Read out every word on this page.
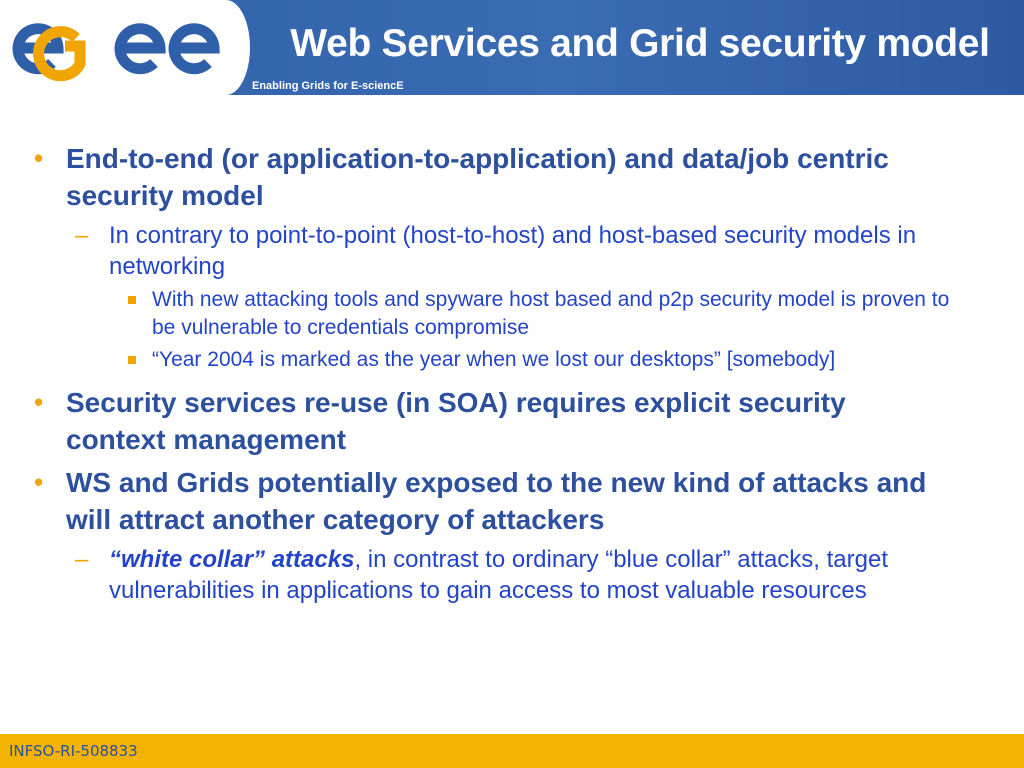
egee
Web Services and Grid security model
Enabling Grids for E-sciencE
• End-to-end (or application-to-application) and data/job centric security model
– In contrary to point-to-point (host-to-host) and host-based security models in networking
With new attacking tools and spyware host based and p2p security model is proven to be vulnerable to credentials compromise
“Year 2004 is marked as the year when we lost our desktops” [somebody]
• Security services re-use (in SOA) requires explicit security context management
• WS and Grids potentially exposed to the new kind of attacks and will attract another category of attackers
– “white collar” attacks, in contrast to ordinary “blue collar” attacks, target vulnerabilities in applications to gain access to most valuable resources
INFSO-RI-508833
